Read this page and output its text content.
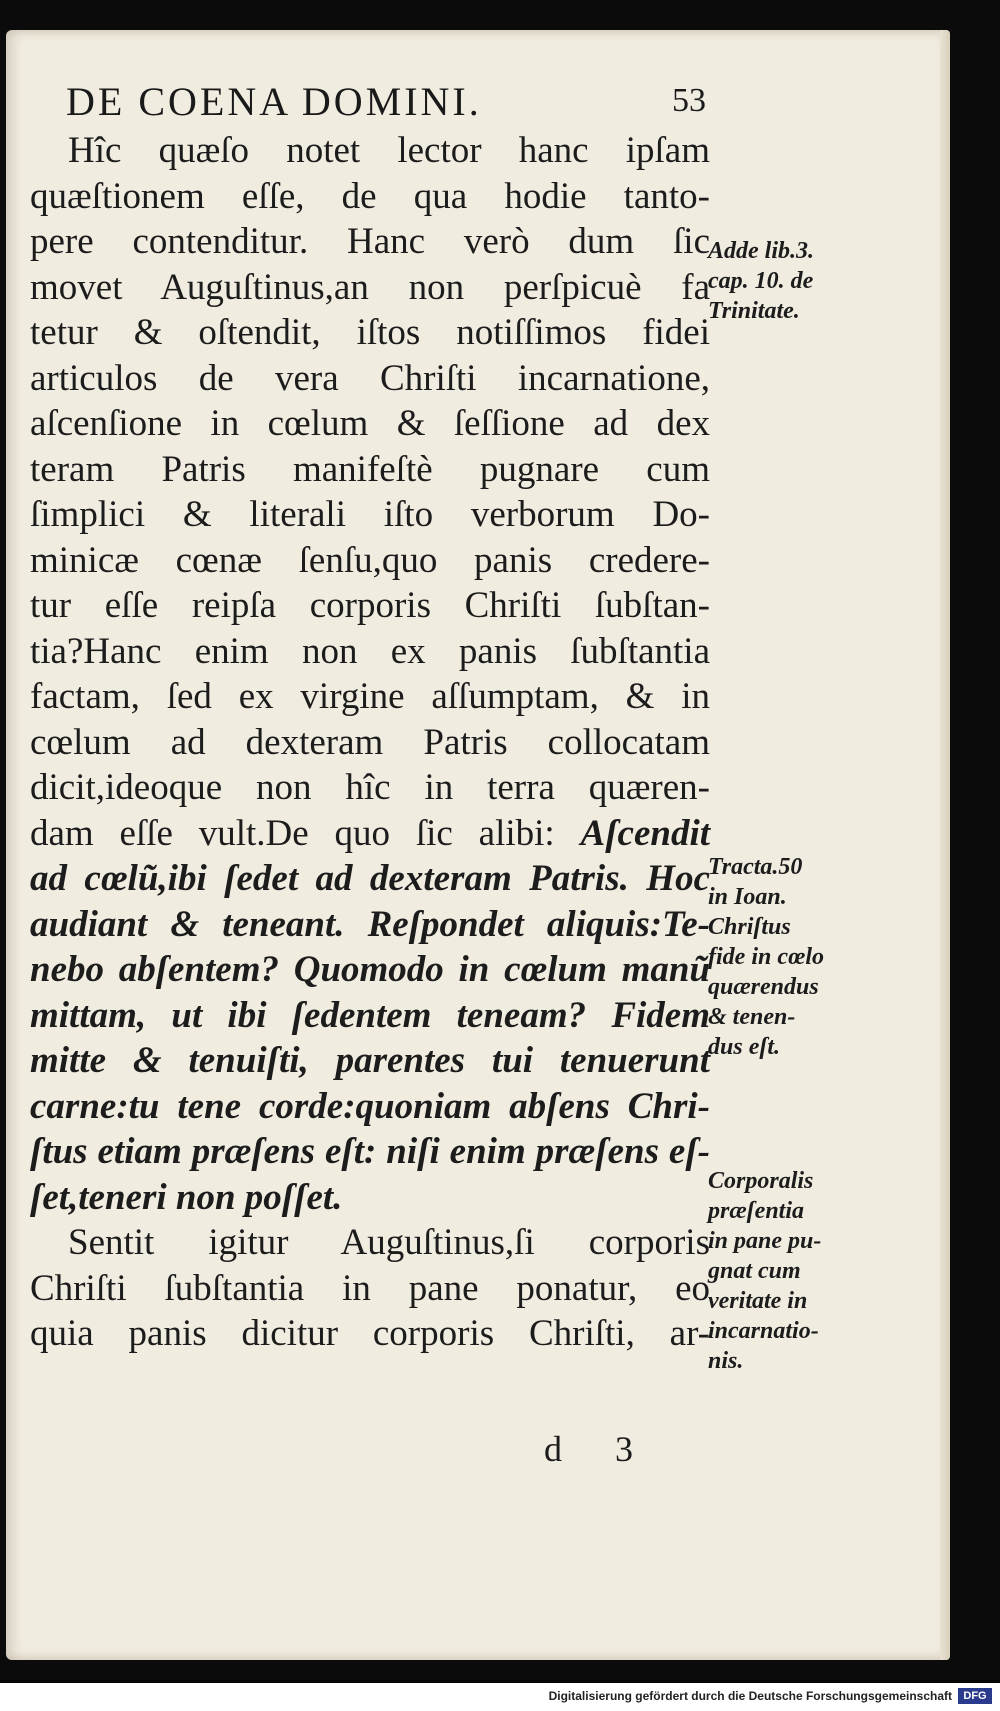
DE COENA DOMINI.	53
Hîc quæſo notet lector hanc ipſam
quæſtionem eſſe, de qua hodie tanto-
pere contenditur. Hanc verò dum ſic
movet Auguſtinus,an non perſpicuè fa
tetur & oſtendit, iſtos notiſſimos fidei
articulos de vera Chriſti incarnatione,
aſcenſione in cœlum & ſeſſione ad dex
teram Patris manifeſtè pugnare cum
ſimplici & literali iſto verborum Do-
minicæ cœnæ ſenſu,quo panis credere-
tur eſſe reipſa corporis Chriſti ſubſtan-
tia?Hanc enim non ex panis ſubſtantia
factam, ſed ex virgine aſſumptam, & in
cœlum ad dexteram Patris collocatam
dicit,ideoque non hîc in terra quæren-
dam eſſe vult.De quo ſic alibi: Aſcendit
ad cœlũ,ibi ſedet ad dexteram Patris. Hoc
audiant & teneant. Reſpondet aliquis:Te-
nebo abſentem? Quomodo in cœlum manũ
mittam, ut ibi ſedentem teneam? Fidem
mitte & tenuiſti, parentes tui tenuerunt
carne:tu tene corde:quoniam abſens Chri-
ſtus etiam præſens eſt: niſi enim præſens eſ-
ſet,teneri non poſſet.
Sentit igitur Auguſtinus,ſi corporis
Chriſti ſubſtantia in pane ponatur, eo
quia panis dicitur corporis Chriſti, ar-
Adde lib.3.
cap. 10. de
Trinitate.
Tracta.50
in Ioan.
Chriſtus
fide in cœlo
quærendus
& tenen-
dus eſt.
Corporalis
præſentia
in pane pu-
gnat cum
veritate in
incarnatio-
nis.
d 3
Digitalisierung gefördert durch die Deutsche Forschungsgemeinschaft	DFG
